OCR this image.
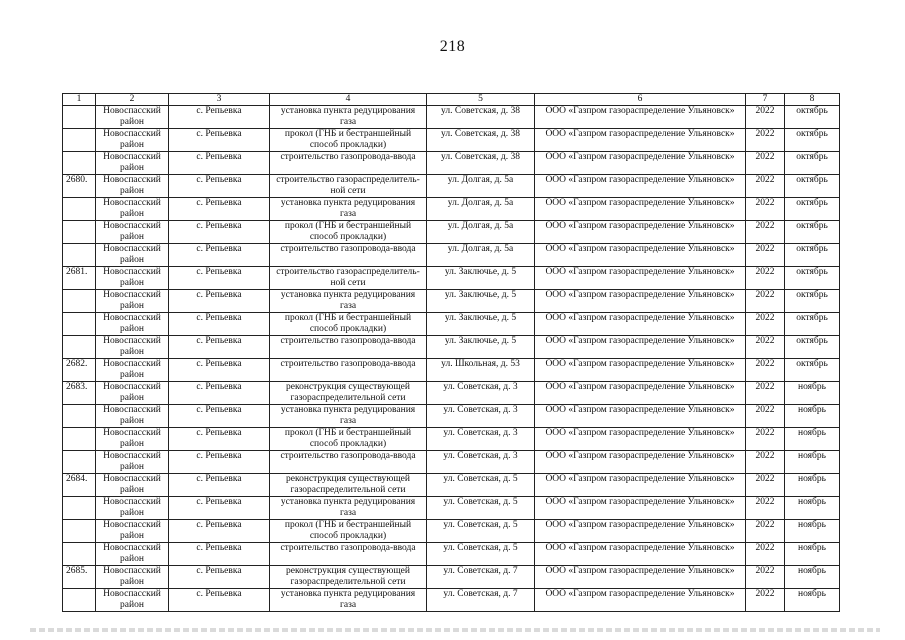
218
1	2	3	4	5	6	7	8
	Новоспасский район	с. Репьевка	установка пункта редуцирования газа	ул. Советская, д. 38	ООО «Газпром газораспределение Ульяновск»	2022	октябрь
	Новоспасский район	с. Репьевка	прокол (ГНБ и бестраншейный способ прокладки)	ул. Советская, д. 38	ООО «Газпром газораспределение Ульяновск»	2022	октябрь
	Новоспасский район	с. Репьевка	строительство газопровода-ввода	ул. Советская, д. 38	ООО «Газпром газораспределение Ульяновск»	2022	октябрь
2680.	Новоспасский район	с. Репьевка	строительство газораспределитель-ной сети	ул. Долгая, д. 5а	ООО «Газпром газораспределение Ульяновск»	2022	октябрь
	Новоспасский район	с. Репьевка	установка пункта редуцирования газа	ул. Долгая, д. 5а	ООО «Газпром газораспределение Ульяновск»	2022	октябрь
	Новоспасский район	с. Репьевка	прокол (ГНБ и бестраншейный способ прокладки)	ул. Долгая, д. 5а	ООО «Газпром газораспределение Ульяновск»	2022	октябрь
	Новоспасский район	с. Репьевка	строительство газопровода-ввода	ул. Долгая, д. 5а	ООО «Газпром газораспределение Ульяновск»	2022	октябрь
2681.	Новоспасский район	с. Репьевка	строительство газораспределитель-ной сети	ул. Заключье, д. 5	ООО «Газпром газораспределение Ульяновск»	2022	октябрь
	Новоспасский район	с. Репьевка	установка пункта редуцирования газа	ул. Заключье, д. 5	ООО «Газпром газораспределение Ульяновск»	2022	октябрь
	Новоспасский район	с. Репьевка	прокол (ГНБ и бестраншейный способ прокладки)	ул. Заключье, д. 5	ООО «Газпром газораспределение Ульяновск»	2022	октябрь
	Новоспасский район	с. Репьевка	строительство газопровода-ввода	ул. Заключье, д. 5	ООО «Газпром газораспределение Ульяновск»	2022	октябрь
2682.	Новоспасский район	с. Репьевка	строительство газопровода-ввода	ул. Школьная, д. 53	ООО «Газпром газораспределение Ульяновск»	2022	октябрь
2683.	Новоспасский район	с. Репьевка	реконструкция существующей газораспределительной сети	ул. Советская, д. 3	ООО «Газпром газораспределение Ульяновск»	2022	ноябрь
	Новоспасский район	с. Репьевка	установка пункта редуцирования газа	ул. Советская, д. 3	ООО «Газпром газораспределение Ульяновск»	2022	ноябрь
	Новоспасский район	с. Репьевка	прокол (ГНБ и бестраншейный способ прокладки)	ул. Советская, д. 3	ООО «Газпром газораспределение Ульяновск»	2022	ноябрь
	Новоспасский район	с. Репьевка	строительство газопровода-ввода	ул. Советская, д. 3	ООО «Газпром газораспределение Ульяновск»	2022	ноябрь
2684.	Новоспасский район	с. Репьевка	реконструкция существующей газораспределительной сети	ул. Советская, д. 5	ООО «Газпром газораспределение Ульяновск»	2022	ноябрь
	Новоспасский район	с. Репьевка	установка пункта редуцирования газа	ул. Советская, д. 5	ООО «Газпром газораспределение Ульяновск»	2022	ноябрь
	Новоспасский район	с. Репьевка	прокол (ГНБ и бестраншейный способ прокладки)	ул. Советская, д. 5	ООО «Газпром газораспределение Ульяновск»	2022	ноябрь
	Новоспасский район	с. Репьевка	строительство газопровода-ввода	ул. Советская, д. 5	ООО «Газпром газораспределение Ульяновск»	2022	ноябрь
2685.	Новоспасский район	с. Репьевка	реконструкция существующей газораспределительной сети	ул. Советская, д. 7	ООО «Газпром газораспределение Ульяновск»	2022	ноябрь
	Новоспасский район	с. Репьевка	установка пункта редуцирования газа	ул. Советская, д. 7	ООО «Газпром газораспределение Ульяновск»	2022	ноябрь
